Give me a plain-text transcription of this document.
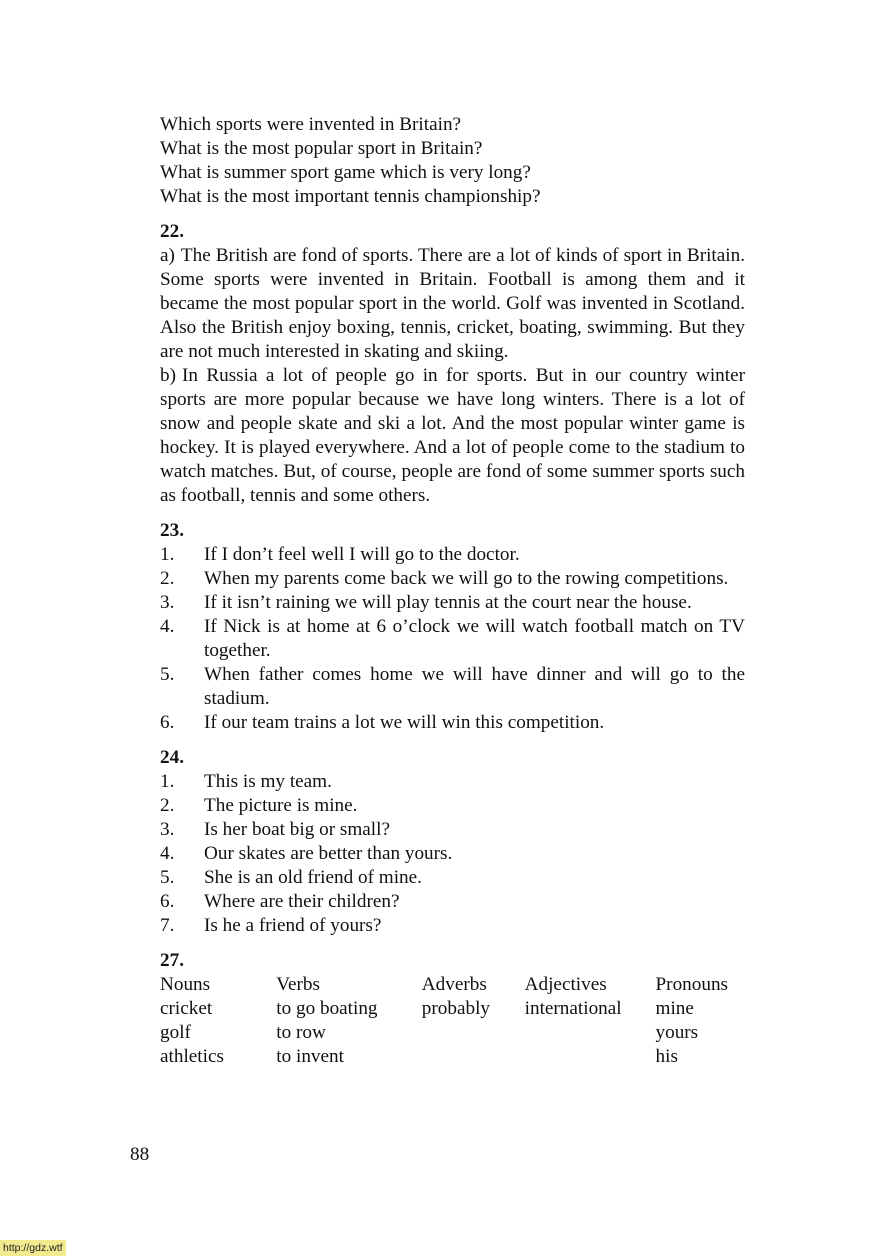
Which sports were invented in Britain?
What is the most popular sport in Britain?
What is summer sport game which is very long?
What is the most important tennis championship?
22.

a) The British are fond of sports. There are a lot of kinds of sport in Britain. Some sports were invented in Britain. Football is among them and it became the most popular sport in the world. Golf was invented in Scotland. Also the British enjoy boxing, tennis, cricket, boating, swimming. But they are not much interested in skating and skiing.

b) In Russia a lot of people go in for sports. But in our country winter sports are more popular because we have long winters. There is a lot of snow and people skate and ski a lot. And the most popular winter game is hockey. It is played everywhere. And a lot of people come to the stadium to watch matches. But, of course, people are fond of some summer sports such as football, tennis and some others.

23.
1.	If I don’t feel well I will go to the doctor.
2.	When my parents come back we will go to the rowing competitions.
3.	If it isn’t raining we will play tennis at the court near the house.
4.	If Nick is at home at 6 o’clock we will watch football match on TV together.
5.	When father comes home we will have dinner and will go to the stadium.
6.	If our team trains a lot we will win this competition.
24.
1.	This is my team.
2.	The picture is mine.
3.	Is her boat big or small?
4.	Our skates are better than yours.
5.	She is an old friend of mine.
6.	Where are their children?
7.	Is he a friend of yours?
27.
Nouns	Verbs	Adverbs	Adjectives	Pronouns
cricket	to go boating	probably	international	mine
golf	to row			yours
athletics	to invent			his
88
http://gdz.wtf
